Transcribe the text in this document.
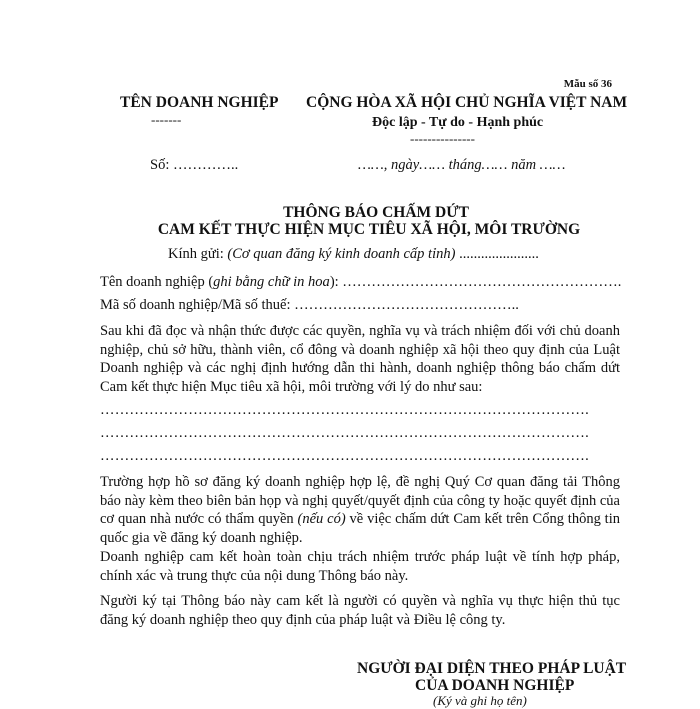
Mẫu số 36
TÊN DOANH NGHIỆP
-------
CỘNG HÒA XÃ HỘI CHỦ NGHĨA VIỆT NAM
Độc lập - Tự do - Hạnh phúc
---------------
Số: …………..	……, ngày…… tháng…… năm ……
THÔNG BÁO CHẤM DỨT
CAM KẾT THỰC HIỆN MỤC TIÊU XÃ HỘI, MÔI TRƯỜNG
Kính gửi: (Cơ quan đăng ký kinh doanh cấp tỉnh) ......................
Tên doanh nghiệp (ghi bằng chữ in hoa): ………………………………………………….
Mã số doanh nghiệp/Mã số thuế: ………………………………………..
Sau khi đã đọc và nhận thức được các quyền, nghĩa vụ và trách nhiệm đối với chủ doanh nghiệp, chủ sở hữu, thành viên, cổ đông và doanh nghiệp xã hội theo quy định của Luật Doanh nghiệp và các nghị định hướng dẫn thi hành, doanh nghiệp thông báo chấm dứt Cam kết thực hiện Mục tiêu xã hội, môi trường với lý do như sau:
……………………………………………………………………………………….
……………………………………………………………………………………….
……………………………………………………………………………………….
Trường hợp hồ sơ đăng ký doanh nghiệp hợp lệ, đề nghị Quý Cơ quan đăng tải Thông báo này kèm theo biên bản họp và nghị quyết/quyết định của công ty hoặc quyết định của cơ quan nhà nước có thẩm quyền (nếu có) về việc chấm dứt Cam kết trên Cổng thông tin quốc gia về đăng ký doanh nghiệp.
Doanh nghiệp cam kết hoàn toàn chịu trách nhiệm trước pháp luật về tính hợp pháp, chính xác và trung thực của nội dung Thông báo này.
Người ký tại Thông báo này cam kết là người có quyền và nghĩa vụ thực hiện thủ tục đăng ký doanh nghiệp theo quy định của pháp luật và Điều lệ công ty.
NGƯỜI ĐẠI DIỆN THEO PHÁP LUẬT
CỦA DOANH NGHIỆP
(Ký và ghi họ tên)
